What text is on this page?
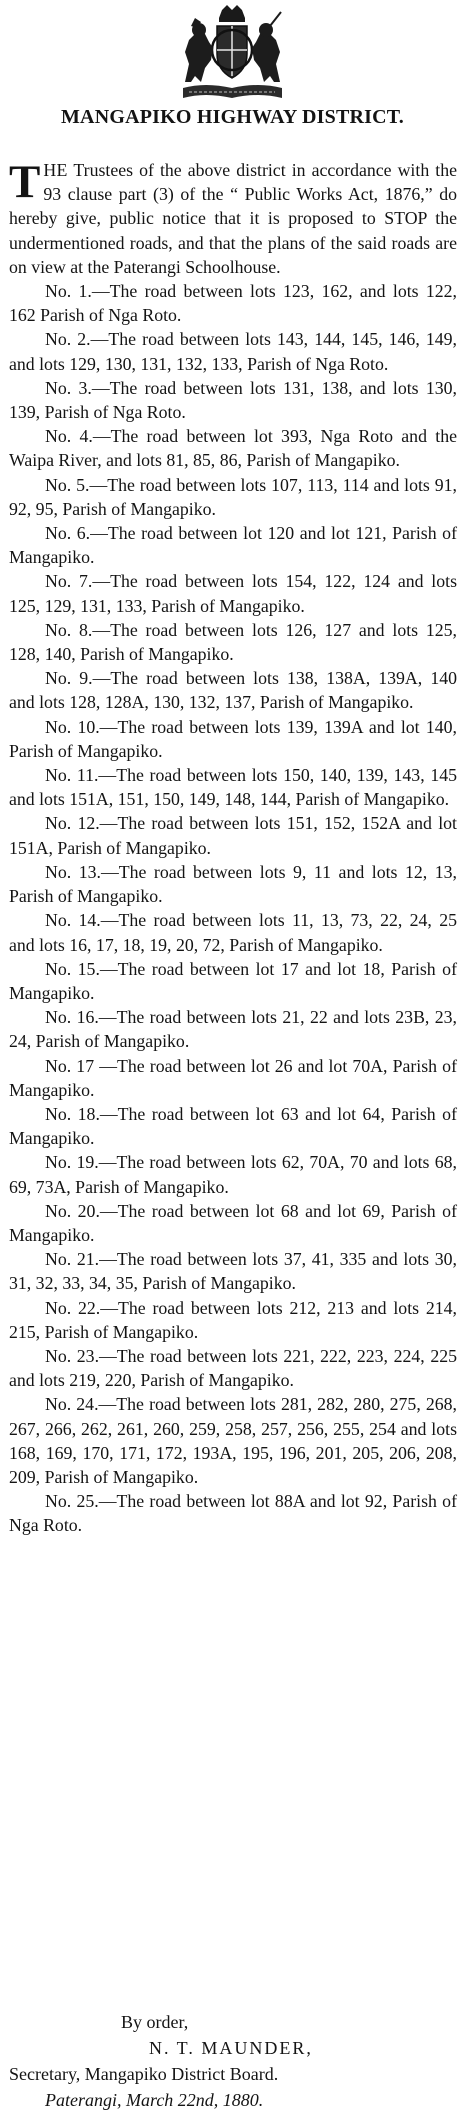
MANGAPIKO HIGHWAY DISTRICT.

THE Trustees of the above district in accordance with the 93 clause part (3) of the “ Public Works Act, 1876,” do hereby give, public notice that it is proposed to STOP the undermentioned roads, and that the plans of the said roads are on view at the Paterangi Schoolhouse.

No. 1.—The road between lots 123, 162, and lots 122, 162 Parish of Nga Roto.

No. 2.—The road between lots 143, 144, 145, 146, 149, and lots 129, 130, 131, 132, 133, Parish of Nga Roto.

No. 3.—The road between lots 131, 138, and lots 130, 139, Parish of Nga Roto.

No. 4.—The road between lot 393, Nga Roto and the Waipa River, and lots 81, 85, 86, Parish of Mangapiko.

No. 5.—The road between lots 107, 113, 114 and lots 91, 92, 95, Parish of Mangapiko.

No. 6.—The road between lot 120 and lot 121, Parish of Mangapiko.

No. 7.—The road between lots 154, 122, 124 and lots 125, 129, 131, 133, Parish of Mangapiko.

No. 8.—The road between lots 126, 127 and lots 125, 128, 140, Parish of Mangapiko.

No. 9.—The road between lots 138, 138A, 139A, 140 and lots 128, 128A, 130, 132, 137, Parish of Mangapiko.

No. 10.—The road between lots 139, 139A and lot 140, Parish of Mangapiko.

No. 11.—The road between lots 150, 140, 139, 143, 145 and lots 151A, 151, 150, 149, 148, 144, Parish of Mangapiko.

No. 12.—The road between lots 151, 152, 152A and lot 151A, Parish of Mangapiko.

No. 13.—The road between lots 9, 11 and lots 12, 13, Parish of Mangapiko.

No. 14.—The road between lots 11, 13, 73, 22, 24, 25 and lots 16, 17, 18, 19, 20, 72, Parish of Mangapiko.

No. 15.—The road between lot 17 and lot 18, Parish of Mangapiko.

No. 16.—The road between lots 21, 22 and lots 23B, 23, 24, Parish of Mangapiko.

No. 17 —The road between lot 26 and lot 70A, Parish of Mangapiko.

No. 18.—The road between lot 63 and lot 64, Parish of Mangapiko.

No. 19.—The road between lots 62, 70A, 70 and lots 68, 69, 73A, Parish of Mangapiko.

No. 20.—The road between lot 68 and lot 69, Parish of Mangapiko.

No. 21.—The road between lots 37, 41, 335 and lots 30, 31, 32, 33, 34, 35, Parish of Mangapiko.

No. 22.—The road between lots 212, 213 and lots 214, 215, Parish of Mangapiko.

No. 23.—The road between lots 221, 222, 223, 224, 225 and lots 219, 220, Parish of Mangapiko.

No. 24.—The road between lots 281, 282, 280, 275, 268, 267, 266, 262, 261, 260, 259, 258, 257, 256, 255, 254 and lots 168, 169, 170, 171, 172, 193A, 195, 196, 201, 205, 206, 208, 209, Parish of Mangapiko.

No. 25.—The road between lot 88A and lot 92, Parish of Nga Roto.

By order,
N. T. MAUNDER,
Secretary, Mangapiko District Board.
Paterangi, March 22nd, 1880.
